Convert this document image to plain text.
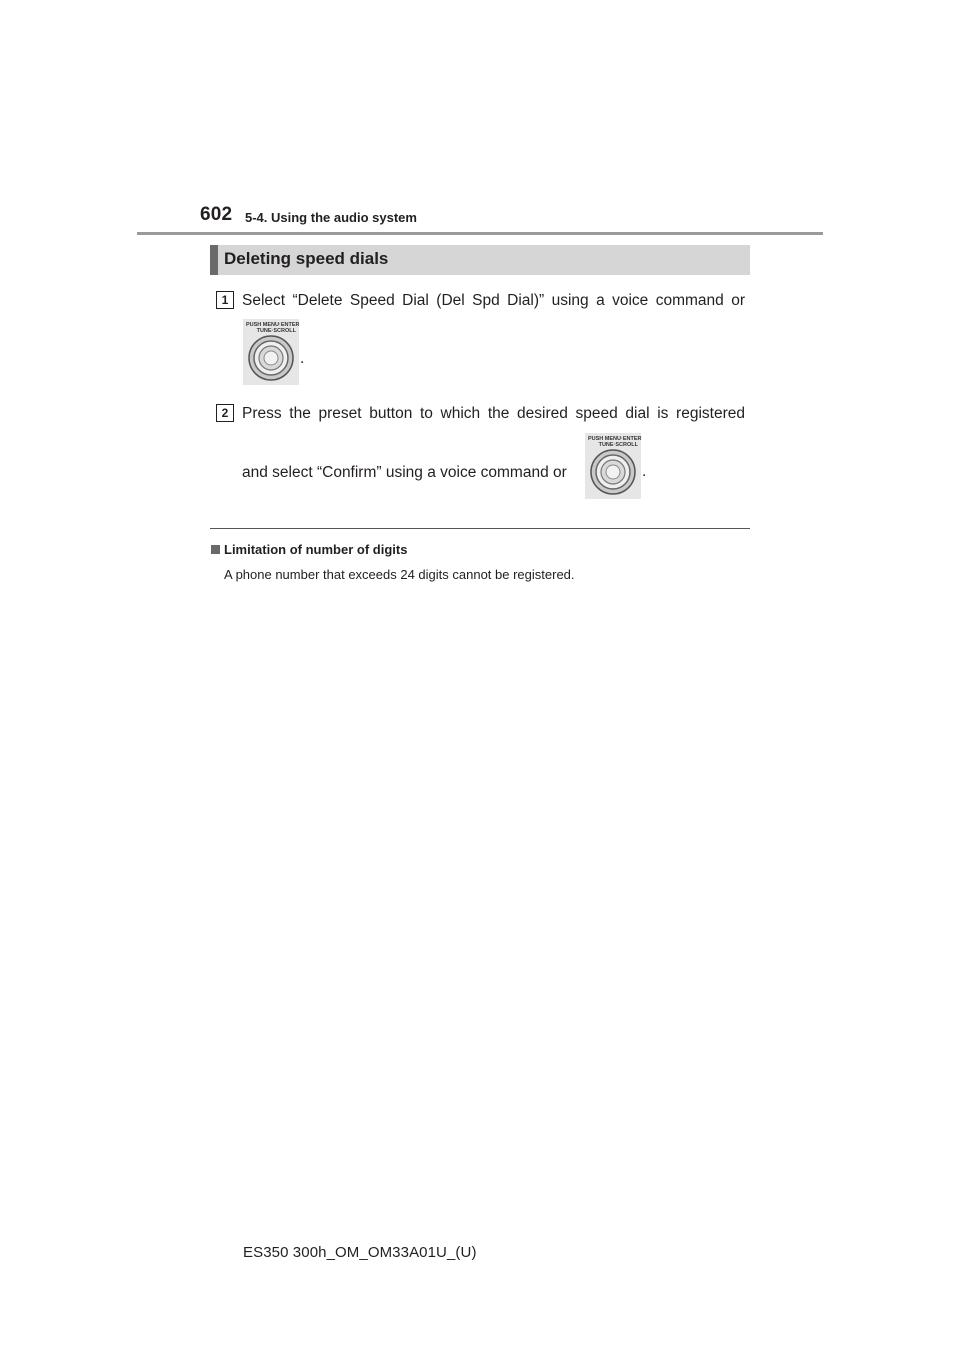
602 5-4. Using the audio system
Deleting speed dials
1 Select “Delete Speed Dial (Del Spd Dial)” using a voice command or
PUSH MENU·ENTER
TUNE·SCROLL
.
2 Press the preset button to which the desired speed dial is registered
and select “Confirm” using a voice command or
PUSH MENU·ENTER
TUNE·SCROLL
.
Limitation of number of digits
A phone number that exceeds 24 digits cannot be registered.
ES350 300h_OM_OM33A01U_(U)
